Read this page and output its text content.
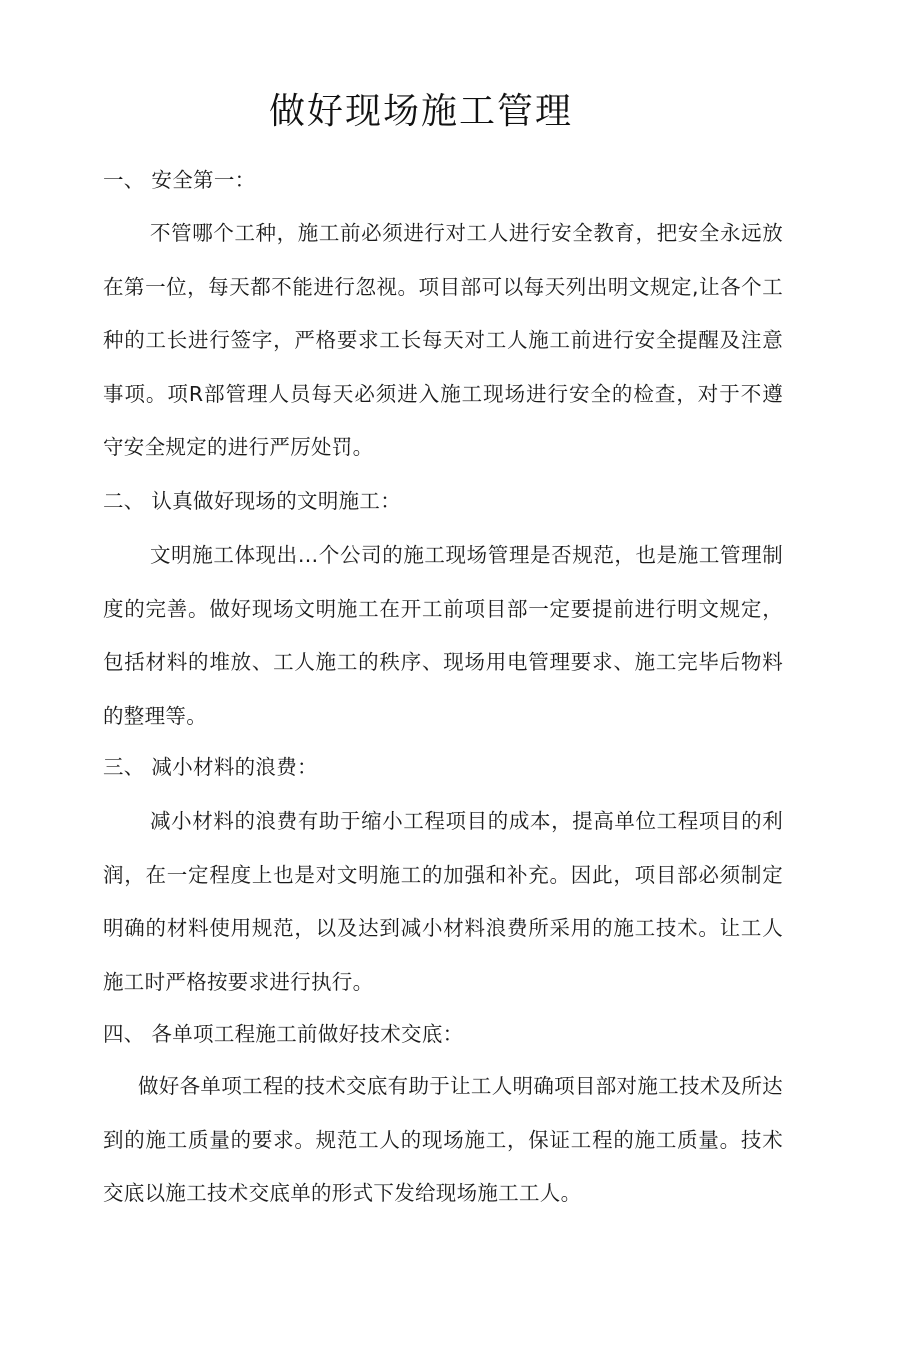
做好现场施工管理
一、 安全第一：
不管哪个工种，施工前必须进行对工人进行安全教育，把安全永远放在第一位，每天都不能进行忽视。项目部可以每天列出明文规定,让各个工种的工长进行签字，严格要求工长每天对工人施工前进行安全提醒及注意事项。项R部管理人员每天必须进入施工现场进行安全的检查，对于不遵守安全规定的进行严厉处罚。
二、 认真做好现场的文明施工：
文明施工体现出…个公司的施工现场管理是否规范，也是施工管理制度的完善。做好现场文明施工在开工前项目部一定要提前进行明文规定，包括材料的堆放、工人施工的秩序、现场用电管理要求、施工完毕后物料的整理等。
三、 减小材料的浪费：
减小材料的浪费有助于缩小工程项目的成本，提高单位工程项目的利润，在一定程度上也是对文明施工的加强和补充。因此，项目部必须制定明确的材料使用规范，以及达到减小材料浪费所采用的施工技术。让工人施工时严格按要求进行执行。
四、 各单项工程施工前做好技术交底：
做好各单项工程的技术交底有助于让工人明确项目部对施工技术及所达到的施工质量的要求。规范工人的现场施工，保证工程的施工质量。技术交底以施工技术交底单的形式下发给现场施工工人。
